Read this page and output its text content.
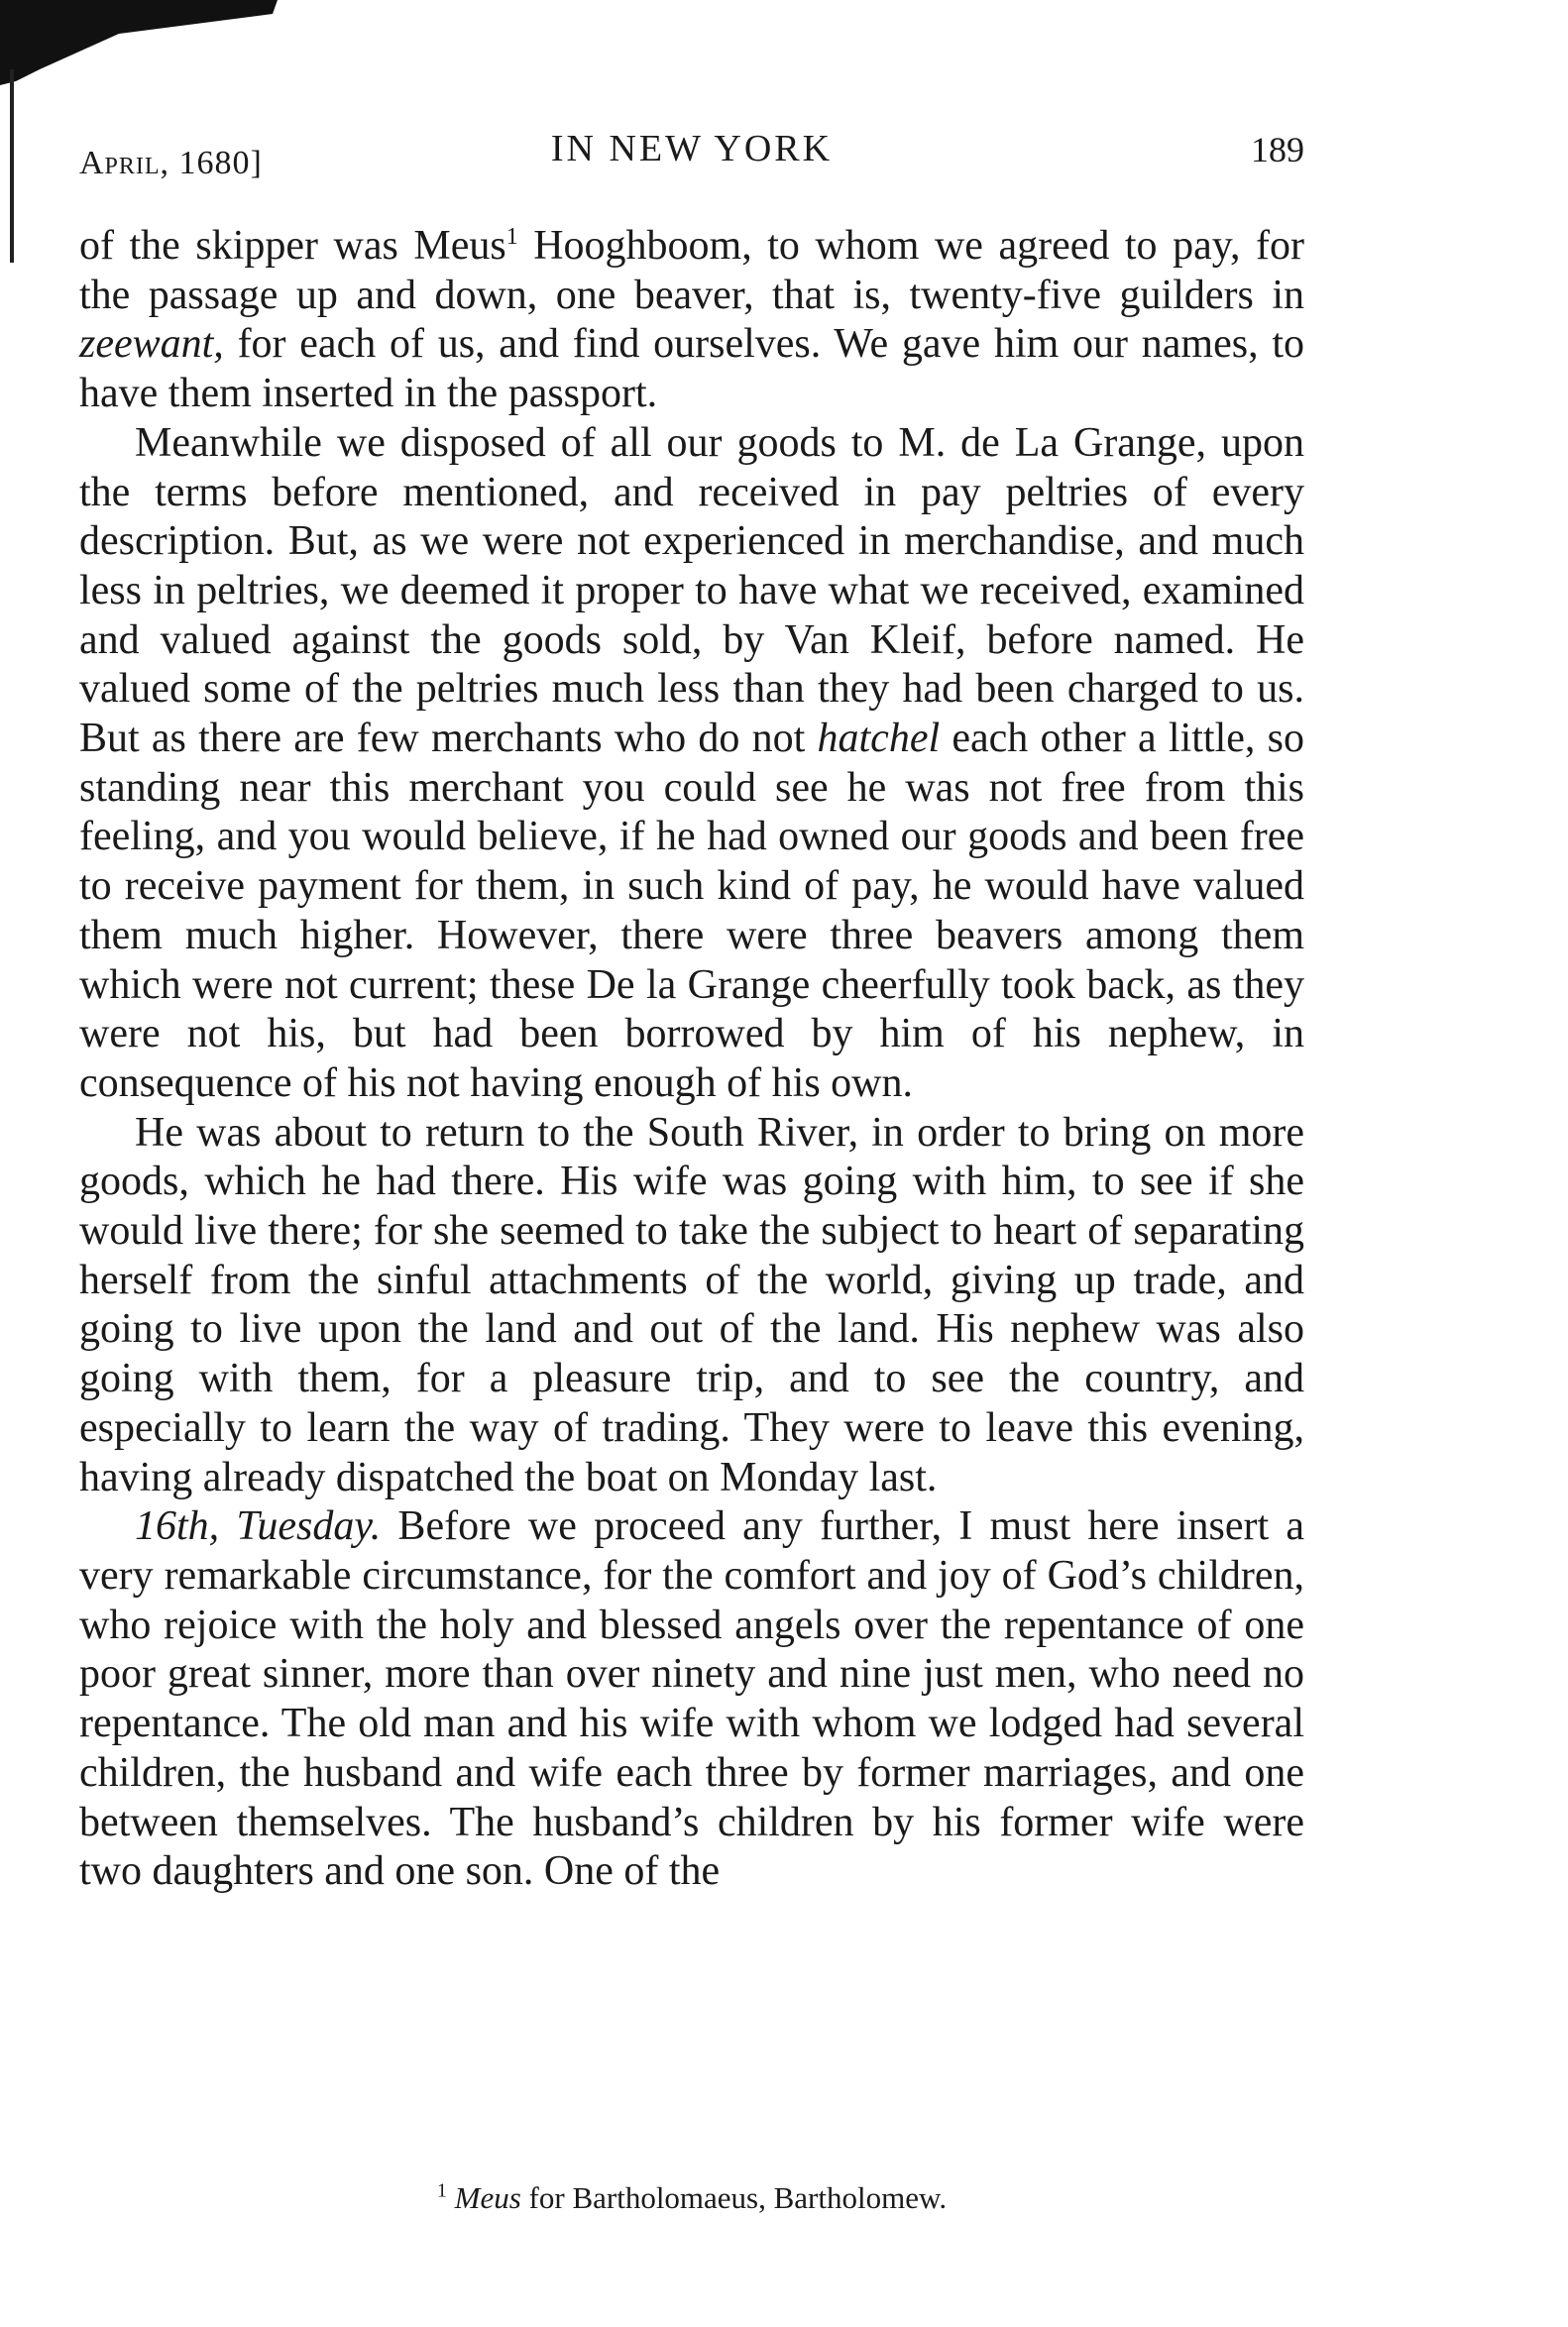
April, 1680]	IN NEW YORK	189

of the skipper was Meus$^1$ Hooghboom, to whom we agreed to pay, for the passage up and down, one beaver, that is, twenty-five guilders in zeewant, for each of us, and find ourselves. We gave him our names, to have them inserted in the passport.

Meanwhile we disposed of all our goods to M. de La Grange, upon the terms before mentioned, and received in pay peltries of every description. But, as we were not experienced in merchandise, and much less in peltries, we deemed it proper to have what we received, examined and valued against the goods sold, by Van Kleif, before named. He valued some of the peltries much less than they had been charged to us. But as there are few merchants who do not hatchel each other a little, so standing near this merchant you could see he was not free from this feeling, and you would believe, if he had owned our goods and been free to receive payment for them, in such kind of pay, he would have valued them much higher. However, there were three beavers among them which were not current; these De la Grange cheerfully took back, as they were not his, but had been borrowed by him of his nephew, in consequence of his not having enough of his own.

He was about to return to the South River, in order to bring on more goods, which he had there. His wife was going with him, to see if she would live there; for she seemed to take the subject to heart of separating herself from the sinful attachments of the world, giving up trade, and going to live upon the land and out of the land. His nephew was also going with them, for a pleasure trip, and to see the country, and especially to learn the way of trading. They were to leave this evening, having already dispatched the boat on Monday last.

16th, Tuesday. Before we proceed any further, I must here insert a very remarkable circumstance, for the comfort and joy of God’s children, who rejoice with the holy and blessed angels over the repentance of one poor great sinner, more than over ninety and nine just men, who need no repentance. The old man and his wife with whom we lodged had several children, the husband and wife each three by former marriages, and one between themselves. The husband’s children by his former wife were two daughters and one son. One of the

$^1$ Meus for Bartholomaeus, Bartholomew.
